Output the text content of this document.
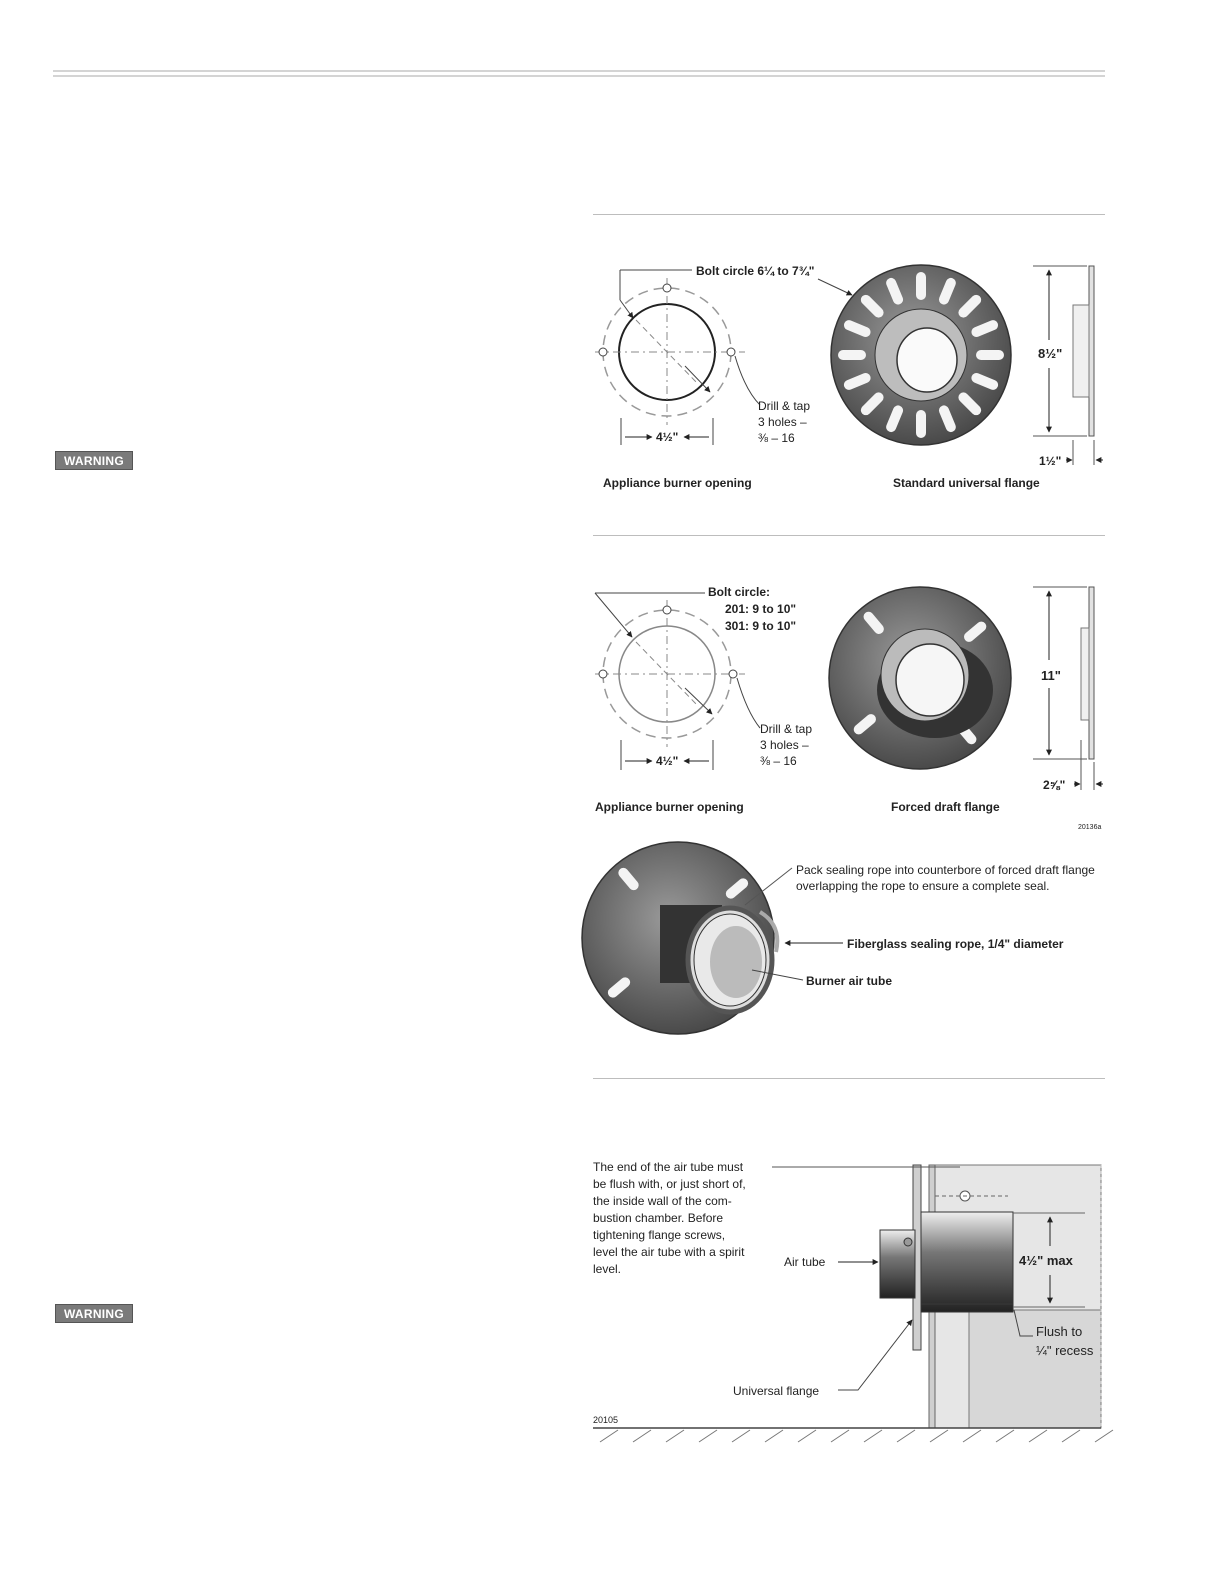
WARNING
WARNING
Bolt circle 6¼ to 7¾"
Drill & tap
3 holes –
⅜ – 16
4½"
Appliance burner opening	Standard universal flange
8½"
1½"
Bolt circle:
201: 9 to 10"
301: 9 to 10"
Drill & tap
3 holes –
⅜ – 16
4½"
Appliance burner opening	Forced draft flange
20136a
11"
2⅝"
Pack sealing rope into counterbore of forced draft flange
overlapping the rope to ensure a complete seal.
Fiberglass sealing rope, 1/4" diameter
Burner air tube
The end of the air tube must be flush with, or just short of, the inside wall of the com- bustion chamber. Before tightening flange screws, level the air tube with a spirit level.	Air tube	4½" max
Flush to
¼" recess
Universal flange
20105
